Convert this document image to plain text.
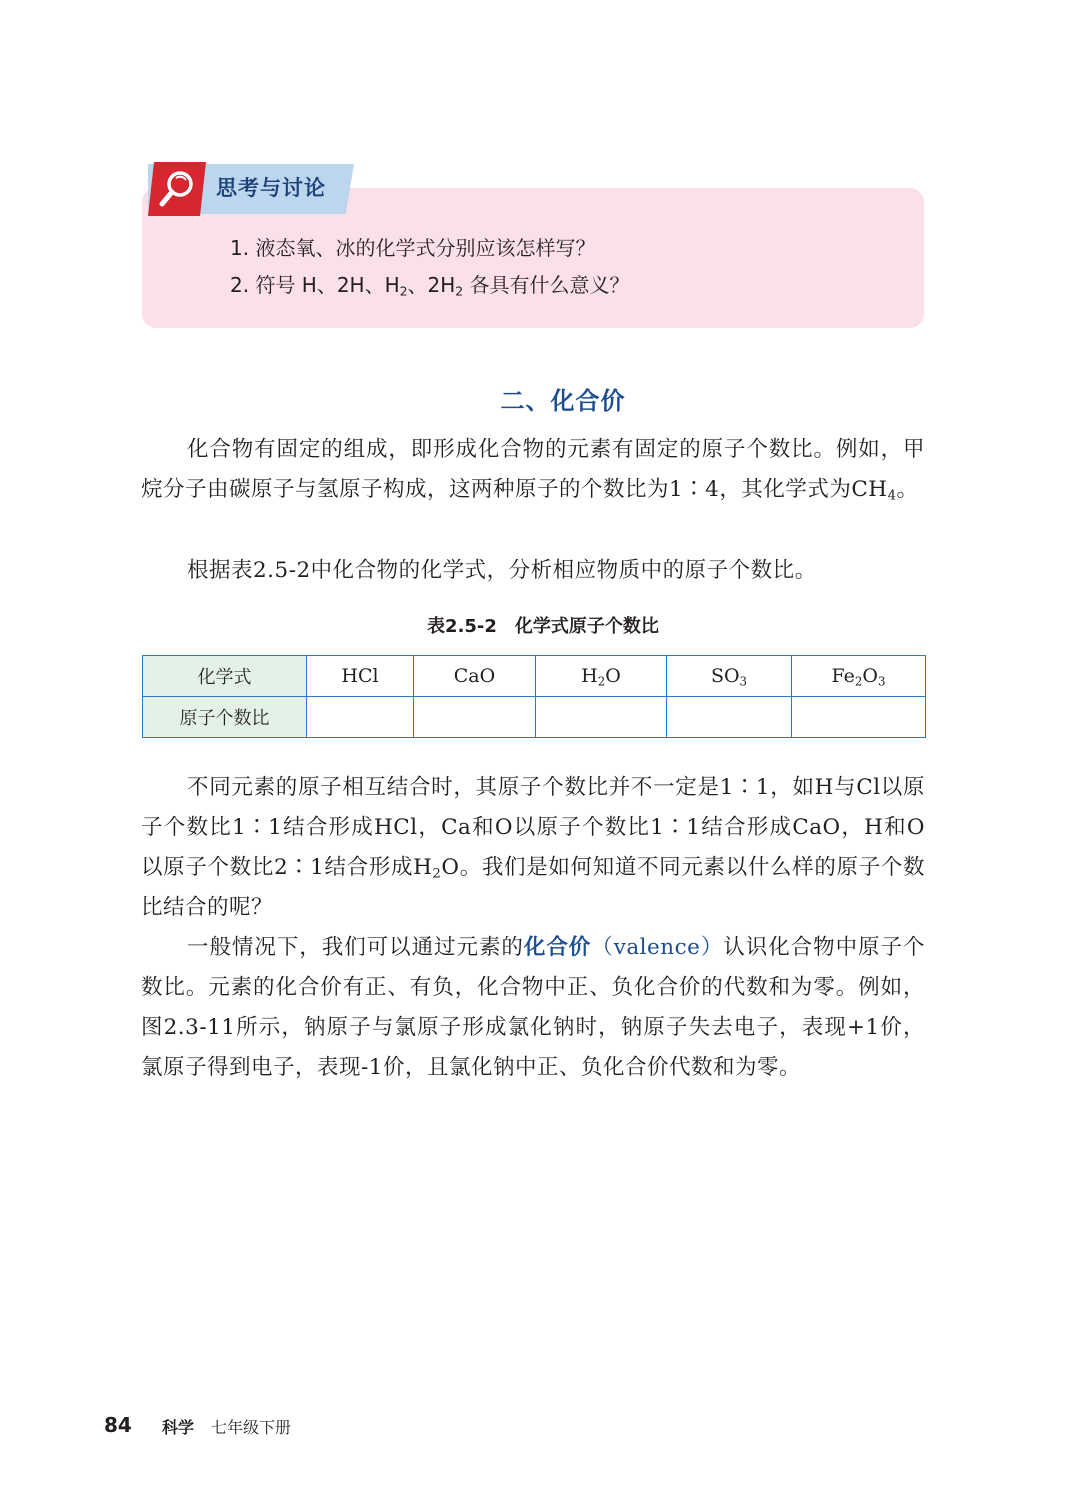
思考与讨论
1. 液态氧、冰的化学式分别应该怎样写？
2. 符号 H、2H、$H_2$、$2H_2$ 各具有什么意义？
二、化合价
化合物有固定的组成，即形成化合物的元素有固定的原子个数比。例如，甲烷分子由碳原子与氢原子构成，这两种原子的个数比为1∶4，其化学式为$CH_4$。
根据表2.5-2中化合物的化学式，分析相应物质中的原子个数比。
表2.5-2　化学式原子个数比
化学式	HCl	CaO	$H_2O$	$SO_3$	$Fe_2O_3$
原子个数比					
不同元素的原子相互结合时，其原子个数比并不一定是1∶1，如H与Cl以原子个数比1∶1结合形成HCl，Ca和O以原子个数比1∶1结合形成CaO，H和O以原子个数比2∶1结合形成$H_2O$。我们是如何知道不同元素以什么样的原子个数比结合的呢？
一般情况下，我们可以通过元素的化合价（valence）认识化合物中原子个数比。元素的化合价有正、有负，化合物中正、负化合价的代数和为零。例如，图2.3-11所示，钠原子与氯原子形成氯化钠时，钠原子失去电子，表现+1价，氯原子得到电子，表现-1价，且氯化钠中正、负化合价代数和为零。
84 科学 七年级下册
